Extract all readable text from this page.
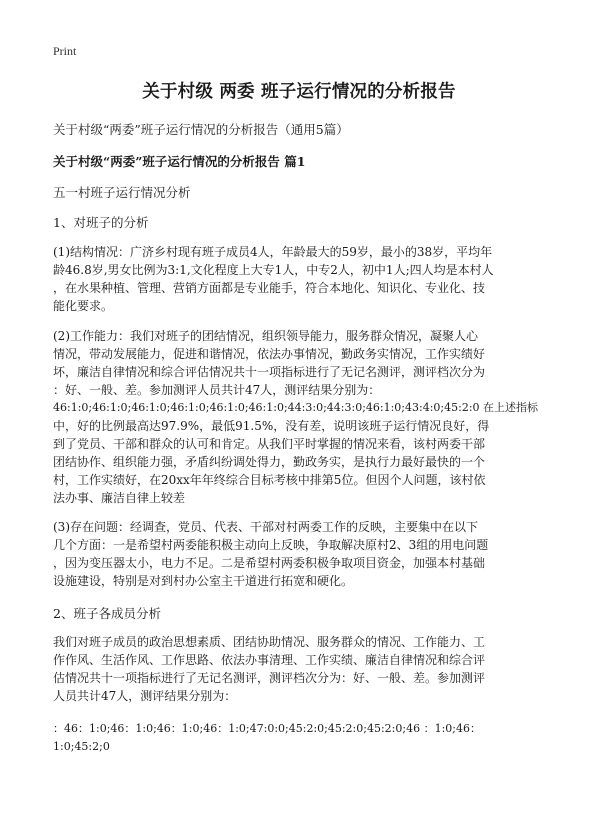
Print
关于村级 两委 班子运行情况的分析报告
关于村级“两委”班子运行情况的分析报告（通用5篇）
关于村级“两委”班子运行情况的分析报告 篇1
五一村班子运行情况分析
1、对班子的分析
(1)结构情况：广济乡村现有班子成员4人，年龄最大的59岁，最小的38岁，平均年
龄46.8岁,男女比例为3:1,文化程度上大专1人，中专2人，初中1人;四人均是本村人
，在水果种植、管理、营销方面都是专业能手，符合本地化、知识化、专业化、技
能化要求。
(2)工作能力：我们对班子的团结情况，组织领导能力，服务群众情况，凝聚人心
情况，带动发展能力，促进和谐情况，依法办事情况，勤政务实情况，工作实绩好
坏，廉洁自律情况和综合评估情况共十一项指标进行了无记名测评，测评档次分为
：好、一般、差。参加测评人员共计47人，测评结果分别为：
46:1:0;46:1:0;46:1:0;46:1:0;46:1:0;46:1:0;44:3:0;44:3:0;46:1:0;43:4:0;45:2:0 在上述指标
中，好的比例最高达97.9%，最低91.5%，没有差，说明该班子运行情况良好，得
到了党员、干部和群众的认可和肯定。从我们平时掌握的情况来看，该村两委干部
团结协作、组织能力强，矛盾纠纷调处得力，勤政务实，是执行力最好最快的一个
村，工作实绩好，在20xx年年终综合目标考核中排第5位。但因个人问题，该村依
法办事、廉洁自律上较差
(3)存在问题：经调查，党员、代表、干部对村两委工作的反映，主要集中在以下
几个方面：一是希望村两委能积极主动向上反映，争取解决原村2、3组的用电问题
，因为变压器太小，电力不足。二是希望村两委积极争取项目资金，加强本村基础
设施建设，特别是对到村办公室主干道进行拓宽和硬化。
2、班子各成员分析
我们对班子成员的政治思想素质、团结协助情况、服务群众的情况、工作能力、工
作作风、生活作风、工作思路、依法办事清理、工作实绩、廉洁自律情况和综合评
估情况共十一项指标进行了无记名测评，测评档次分为：好、一般、差。参加测评
人员共计47人，测评结果分别为：
：46：1:0;46：1:0;46：1:0;46：1:0;47:0:0;45:2:0;45:2:0;45:2:0;46 ：1:0;46：
1:0;45:2;0
